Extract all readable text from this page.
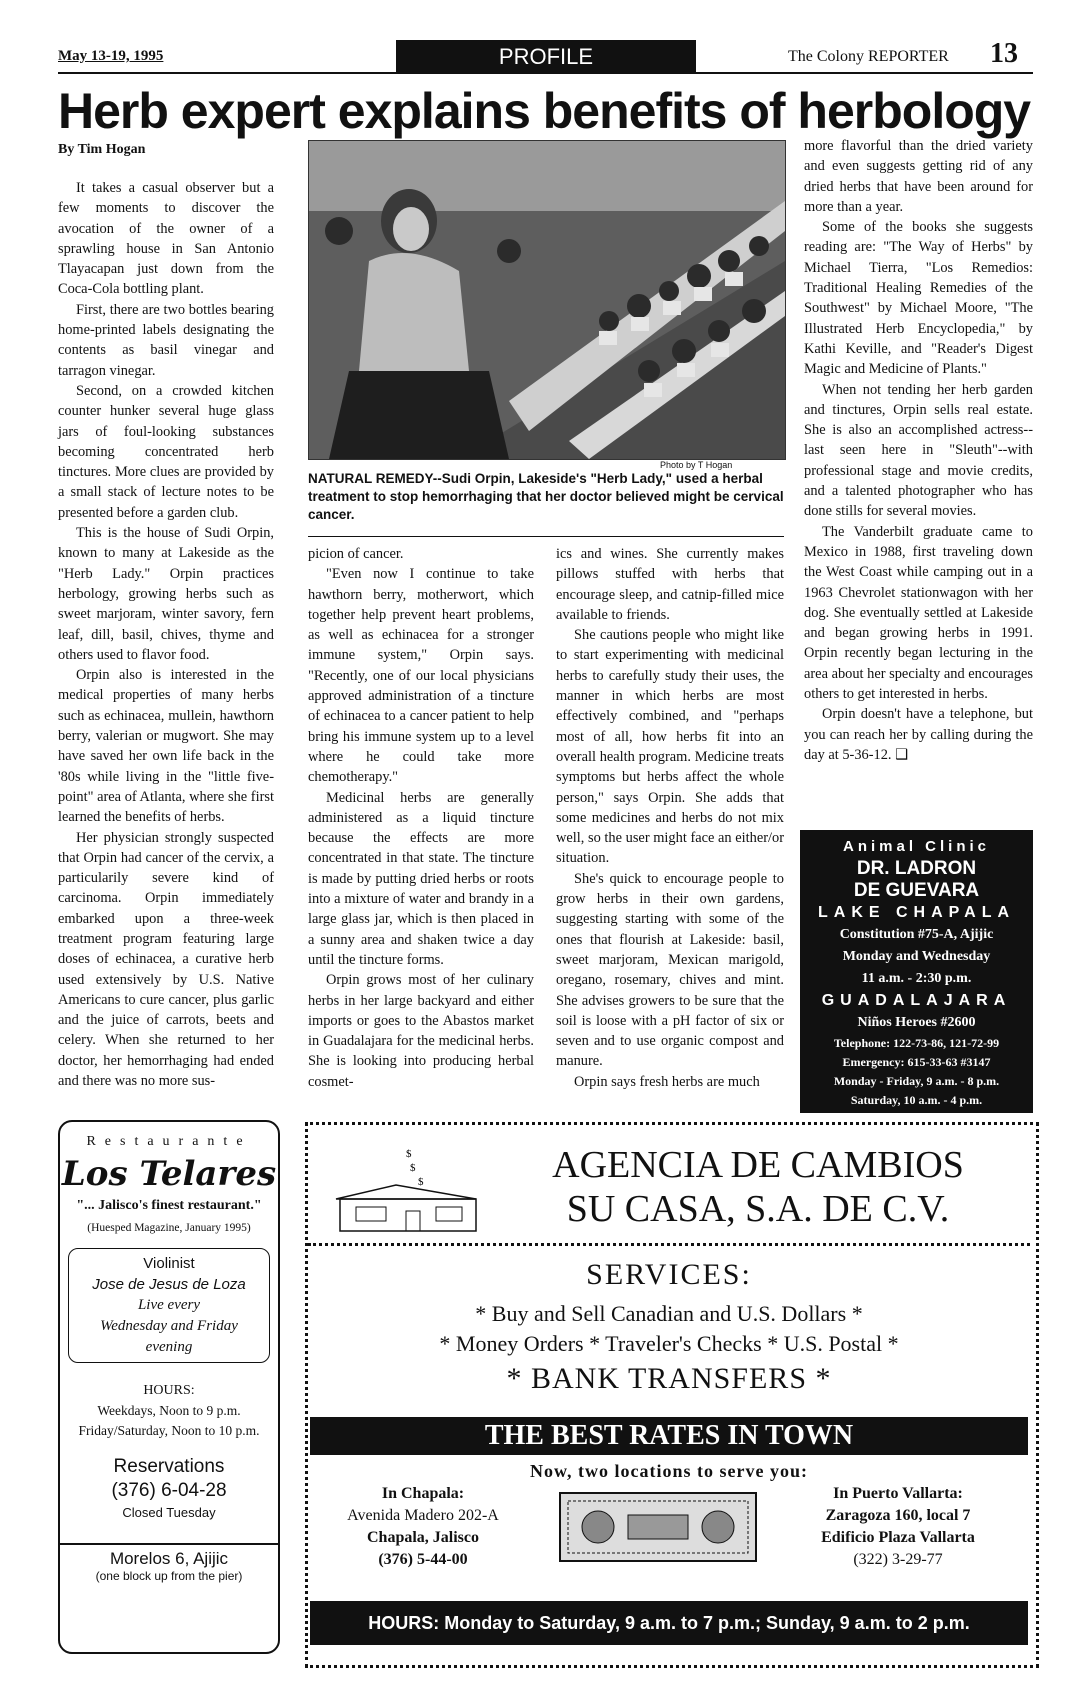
May 13-19, 1995	PROFILE	The Colony REPORTER 13
Herb expert explains benefits of herbology
By Tim Hogan

It takes a casual observer but a few moments to discover the avocation of the owner of a sprawling house in San Antonio Tlayacapan just down from the Coca-Cola bottling plant.

First, there are two bottles bearing home-printed labels designating the contents as basil vinegar and tarragon vinegar.

Second, on a crowded kitchen counter hunker several huge glass jars of foul-looking substances becoming concentrated herb tinctures. More clues are provided by a small stack of lecture notes to be presented before a garden club.

This is the house of Sudi Orpin, known to many at Lakeside as the "Herb Lady." Orpin practices herbology, growing herbs such as sweet marjoram, winter savory, fern leaf, dill, basil, chives, thyme and others used to flavor food.

Orpin also is interested in the medical properties of many herbs such as echinacea, mullein, hawthorn berry, valerian or mugwort. She may have saved her own life back in the '80s while living in the "little five-point" area of Atlanta, where she first learned the benefits of herbs.

Her physician strongly suspected that Orpin had cancer of the cervix, a particularily severe kind of carcinoma. Orpin immediately embarked upon a three-week treatment program featuring large doses of echinacea, a curative herb used extensively by U.S. Native Americans to cure cancer, plus garlic and the juice of carrots, beets and celery. When she returned to her doctor, her hemorrhaging had ended and there was no more sus-

Photo by T Hogan
NATURAL REMEDY--Sudi Orpin, Lakeside's "Herb Lady," used a herbal treatment to stop hemorrhaging that her doctor believed might be cervical cancer.

picion of cancer.

"Even now I continue to take hawthorn berry, motherwort, which together help prevent heart problems, as well as echinacea for a stronger immune system," Orpin says. "Recently, one of our local physicians approved administration of a tincture of echinacea to a cancer patient to help bring his immune system up to a level where he could take more chemotherapy."

Medicinal herbs are generally administered as a liquid tincture because the effects are more concentrated in that state. The tincture is made by putting dried herbs or roots into a mixture of water and brandy in a large glass jar, which is then placed in a sunny area and shaken twice a day until the tincture forms.

Orpin grows most of her culinary herbs in her large backyard and either imports or goes to the Abastos market in Guadalajara for the medicinal herbs. She is looking into producing herbal cosmet-

ics and wines. She currently makes pillows stuffed with herbs that encourage sleep, and catnip-filled mice available to friends.

She cautions people who might like to start experimenting with medicinal herbs to carefully study their uses, the manner in which herbs are most effectively combined, and "perhaps most of all, how herbs fit into an overall health program. Medicine treats symptoms but herbs affect the whole person," says Orpin. She adds that some medicines and herbs do not mix well, so the user might face an either/or situation.

She's quick to encourage people to grow herbs in their own gardens, suggesting starting with some of the ones that flourish at Lakeside: basil, sweet marjoram, Mexican marigold, oregano, rosemary, chives and mint. She advises growers to be sure that the soil is loose with a pH factor of six or seven and to use organic compost and manure.

Orpin says fresh herbs are much

more flavorful than the dried variety and even suggests getting rid of any dried herbs that have been around for more than a year.

Some of the books she suggests reading are: "The Way of Herbs" by Michael Tierra, "Los Remedios: Traditional Healing Remedies of the Southwest" by Michael Moore, "The Illustrated Herb Encyclopedia," by Kathi Keville, and "Reader's Digest Magic and Medicine of Plants."

When not tending her herb garden and tinctures, Orpin sells real estate. She is also an accomplished actress--last seen here in "Sleuth"--with professional stage and movie credits, and a talented photographer who has done stills for several movies.

The Vanderbilt graduate came to Mexico in 1988, first traveling down the West Coast while camping out in a 1963 Chevrolet stationwagon with her dog. She eventually settled at Lakeside and began growing herbs in 1991. Orpin recently began lecturing in the area about her specialty and encourages others to get interested in herbs.

Orpin doesn't have a telephone, but you can reach her by calling during the day at 5-36-12. ❑

Animal Clinic
DR. LADRON
DE GUEVARA
LAKE CHAPALA
Constitution #75-A, Ajijic
Monday and Wednesday
11 a.m. - 2:30 p.m.
GUADALAJARA
Niños Heroes #2600
Telephone: 122-73-86, 121-72-99
Emergency: 615-33-63 #3147
Monday - Friday, 9 a.m. - 8 p.m.
Saturday, 10 a.m. - 4 p.m.
Restaurante
Los Telares
"... Jalisco's finest restaurant."
(Huesped Magazine, January 1995)
Violinist
Jose de Jesus de Loza
Live every
Wednesday and Friday
evening
HOURS:
Weekdays, Noon to 9 p.m.
Friday/Saturday, Noon to 10 p.m.
Reservations
(376) 6-04-28
Closed Tuesday
Morelos 6, Ajijic
(one block up from the pier)
$
$
$	AGENCIA DE CAMBIOS
SU CASA, S.A. DE C.V.
SERVICES:
* Buy and Sell Canadian and U.S. Dollars *
* Money Orders * Traveler's Checks * U.S. Postal *
* BANK TRANSFERS *
THE BEST RATES IN TOWN
Now, two locations to serve you:
In Chapala:
Avenida Madero 202-A
Chapala, Jalisco
(376) 5-44-00
In Puerto Vallarta:
Zaragoza 160, local 7
Edificio Plaza Vallarta
(322) 3-29-77
HOURS: Monday to Saturday, 9 a.m. to 7 p.m.; Sunday, 9 a.m. to 2 p.m.
